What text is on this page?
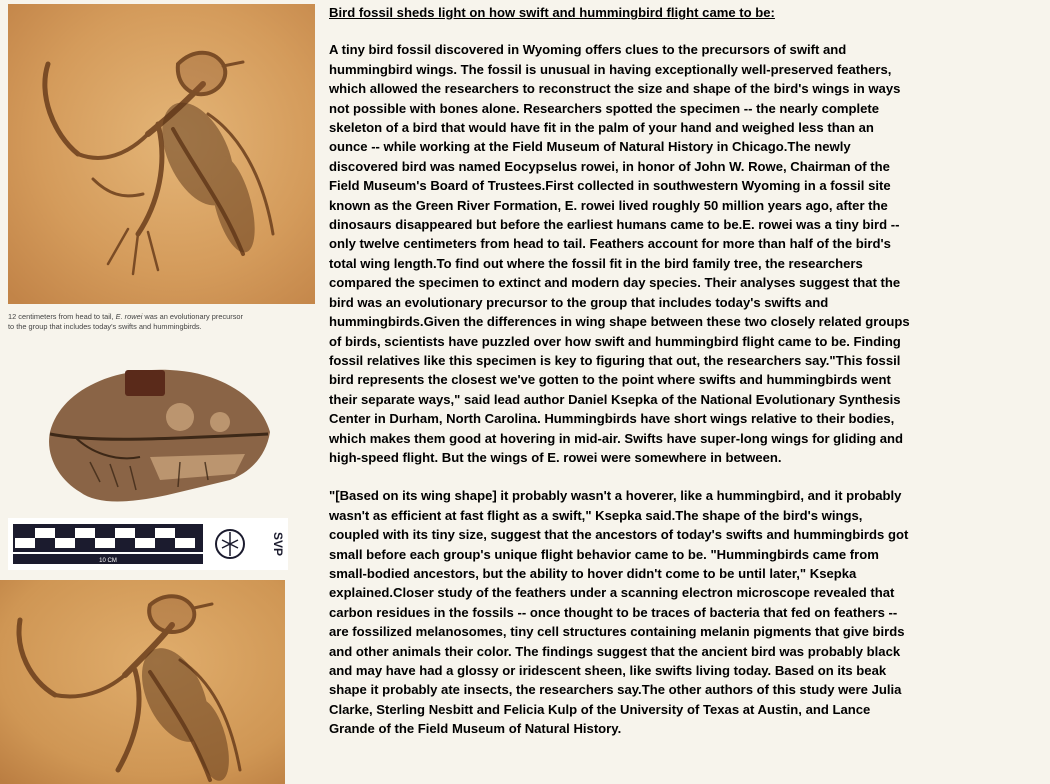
12 centimeters from head to tail, E. rowei was an evolutionary precursor to the group that includes today's swifts and hummingbirds.
10 CM
SVP
Bird fossil sheds light on how swift and hummingbird flight came to be:
A tiny bird fossil discovered in Wyoming offers clues to the precursors of swift and
hummingbird wings. The fossil is unusual in having exceptionally well-preserved feathers,
which allowed the researchers to reconstruct the size and shape of the bird's wings in ways
not possible with bones alone. Researchers spotted the specimen -- the nearly complete
skeleton of a bird that would have fit in the palm of your hand and weighed less than an
ounce -- while working at the Field Museum of Natural History in Chicago.The newly
discovered bird was named Eocypselus rowei, in honor of John W. Rowe, Chairman of the
Field Museum's Board of Trustees.First collected in southwestern Wyoming in a fossil site
known as the Green River Formation, E. rowei lived roughly 50 million years ago, after the
dinosaurs disappeared but before the earliest humans came to be.E. rowei was a tiny bird --
only twelve centimeters from head to tail. Feathers account for more than half of the bird's
total wing length.To find out where the fossil fit in the bird family tree, the researchers
compared the specimen to extinct and modern day species. Their analyses suggest that the
bird was an evolutionary precursor to the group that includes today's swifts and
hummingbirds.Given the differences in wing shape between these two closely related groups
of birds, scientists have puzzled over how swift and hummingbird flight came to be. Finding
fossil relatives like this specimen is key to figuring that out, the researchers say."This fossil
bird represents the closest we've gotten to the point where swifts and hummingbirds went
their separate ways," said lead author Daniel Ksepka of the National Evolutionary Synthesis
Center in Durham, North Carolina. Hummingbirds have short wings relative to their bodies,
which makes them good at hovering in mid-air. Swifts have super-long wings for gliding and
high-speed flight. But the wings of E. rowei were somewhere in between.
"[Based on its wing shape] it probably wasn't a hoverer, like a hummingbird, and it probably
wasn't as efficient at fast flight as a swift," Ksepka said.The shape of the bird's wings,
coupled with its tiny size, suggest that the ancestors of today's swifts and hummingbirds got
small before each group's unique flight behavior came to be. "Hummingbirds came from
small-bodied ancestors, but the ability to hover didn't come to be until later," Ksepka
explained.Closer study of the feathers under a scanning electron microscope revealed that
carbon residues in the fossils -- once thought to be traces of bacteria that fed on feathers --
are fossilized melanosomes, tiny cell structures containing melanin pigments that give birds
and other animals their color. The findings suggest that the ancient bird was probably black
and may have had a glossy or iridescent sheen, like swifts living today. Based on its beak
shape it probably ate insects, the researchers say.The other authors of this study were Julia
Clarke, Sterling Nesbitt and Felicia Kulp of the University of Texas at Austin, and Lance
Grande of the Field Museum of Natural History.
